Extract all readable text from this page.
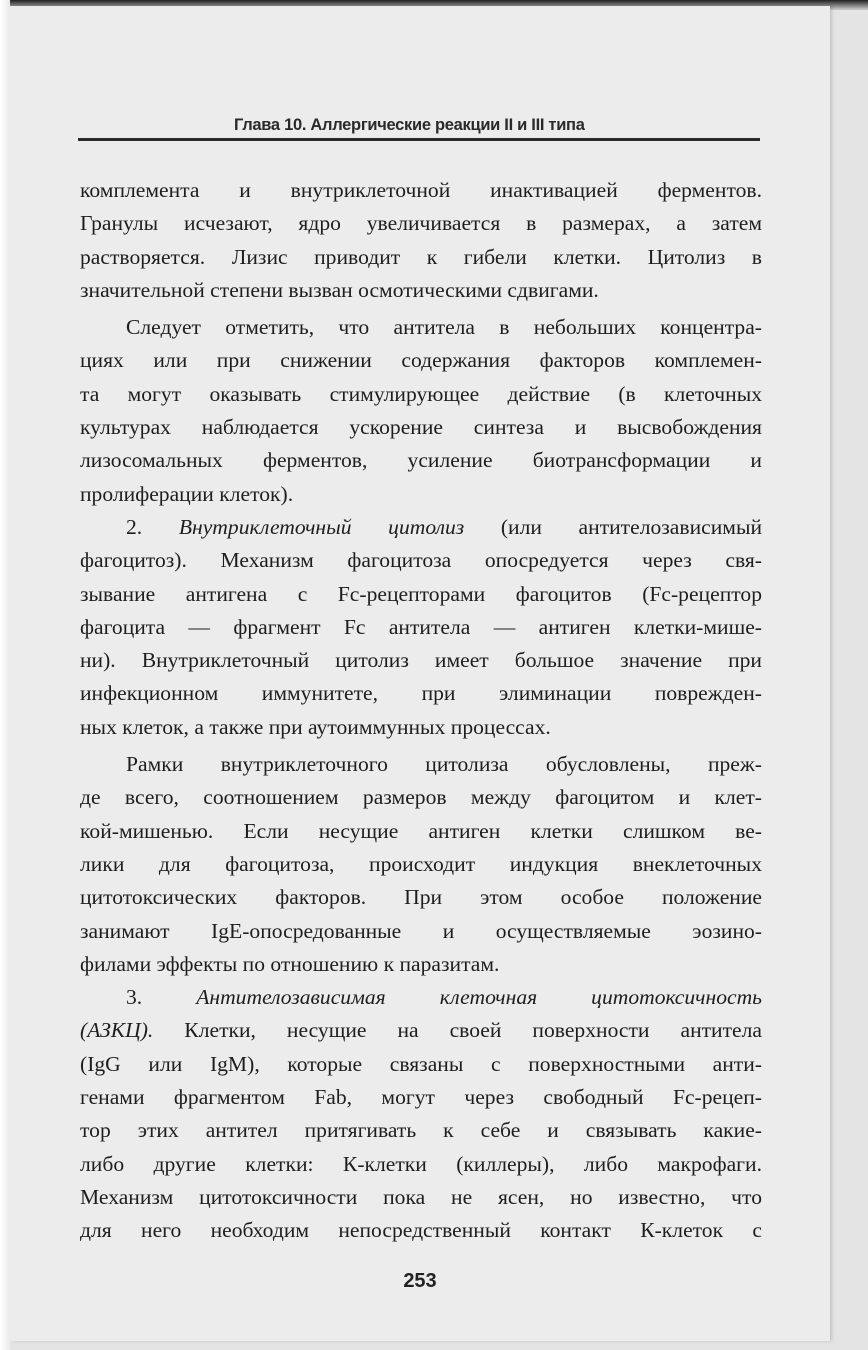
Глава 10. Аллергические реакции II и III типа
комплемента и внутриклеточной инактивацией ферментов.
Гранулы исчезают, ядро увеличивается в размерах, а затем
растворяется. Лизис приводит к гибели клетки. Цитолиз в
значительной степени вызван осмотическими сдвигами.
Следует отметить, что антитела в небольших концентра-
циях или при снижении содержания факторов комплемен-
та могут оказывать стимулирующее действие (в клеточных
культурах наблюдается ускорение синтеза и высвобождения
лизосомальных ферментов, усиление биотрансформации и
пролиферации клеток).
2. Внутриклеточный цитолиз (или антителозависимый
фагоцитоз). Механизм фагоцитоза опосредуется через свя-
зывание антигена с Fc-рецепторами фагоцитов (Fc-рецептор
фагоцита — фрагмент Fc антитела — антиген клетки-мише-
ни). Внутриклеточный цитолиз имеет большое значение при
инфекционном иммунитете, при элиминации поврежден-
ных клеток, а также при аутоиммунных процессах.
Рамки внутриклеточного цитолиза обусловлены, преж-
де всего, соотношением размеров между фагоцитом и клет-
кой-мишенью. Если несущие антиген клетки слишком ве-
лики для фагоцитоза, происходит индукция внеклеточных
цитотоксических факторов. При этом особое положение
занимают IgE-опосредованные и осуществляемые эозино-
филами эффекты по отношению к паразитам.
3. Антителозависимая клеточная цитотоксичность
(АЗКЦ). Клетки, несущие на своей поверхности антитела
(IgG или IgM), которые связаны с поверхностными анти-
генами фрагментом Fab, могут через свободный Fc-рецеп-
тор этих антител притягивать к себе и связывать какие-
либо другие клетки: К-клетки (киллеры), либо макрофаги.
Механизм цитотоксичности пока не ясен, но известно, что
для него необходим непосредственный контакт К-клеток с
253
